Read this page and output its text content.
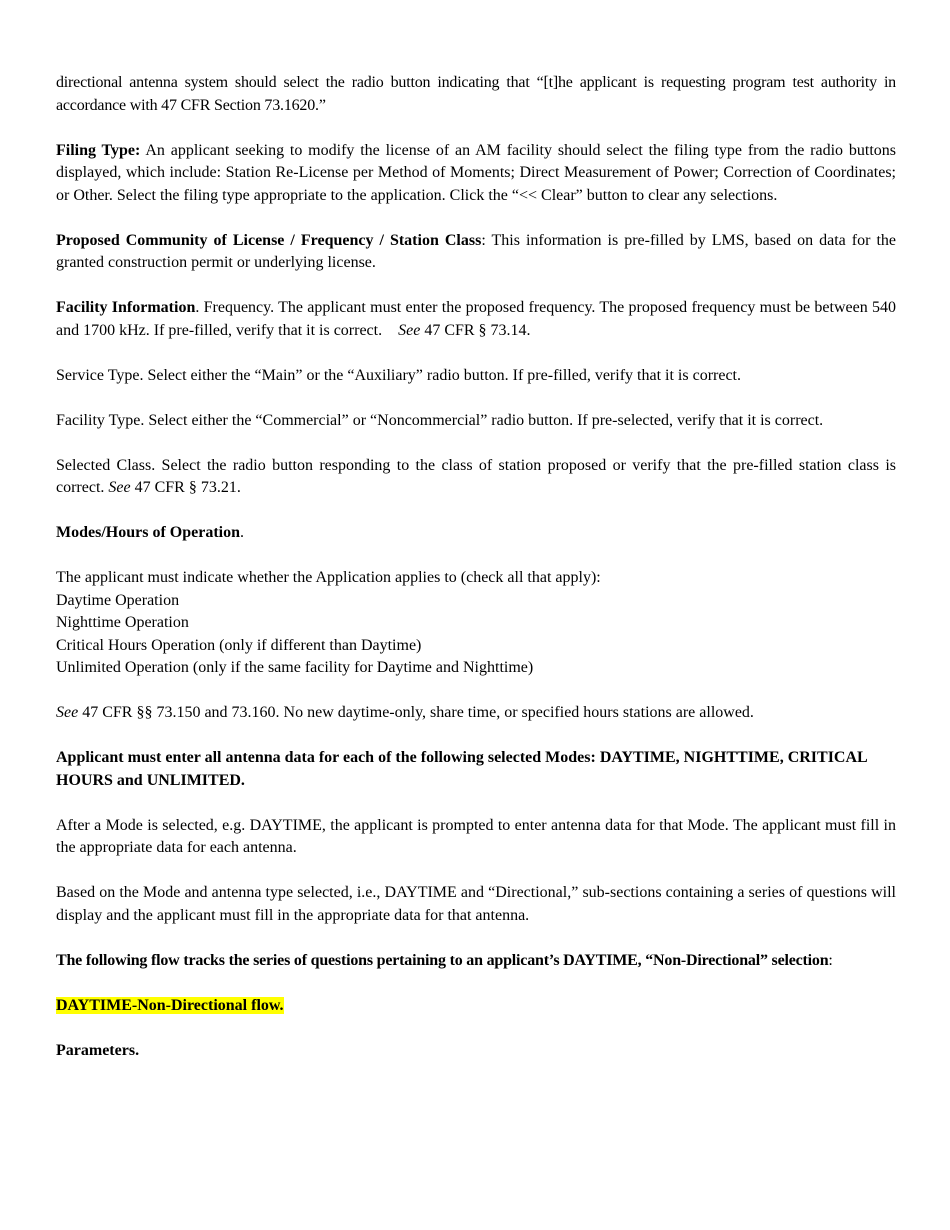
directional antenna system should select the radio button indicating that “[t]he applicant is requesting program test authority in accordance with 47 CFR Section 73.1620.”

Filing Type: An applicant seeking to modify the license of an AM facility should select the filing type from the radio buttons displayed, which include: Station Re-License per Method of Moments; Direct Measurement of Power; Correction of Coordinates; or Other. Select the filing type appropriate to the application. Click the “<< Clear” button to clear any selections.

Proposed Community of License / Frequency / Station Class: This information is pre-filled by LMS, based on data for the granted construction permit or underlying license.

Facility Information. Frequency. The applicant must enter the proposed frequency. The proposed frequency must be between 540 and 1700 kHz. If pre-filled, verify that it is correct. See 47 CFR § 73.14.

Service Type. Select either the “Main” or the “Auxiliary” radio button. If pre-filled, verify that it is correct.

Facility Type. Select either the “Commercial” or “Noncommercial” radio button. If pre-selected, verify that it is correct.

Selected Class. Select the radio button responding to the class of station proposed or verify that the pre-filled station class is correct. See 47 CFR § 73.21.

Modes/Hours of Operation.

The applicant must indicate whether the Application applies to (check all that apply):
Daytime Operation
Nighttime Operation
Critical Hours Operation (only if different than Daytime)
Unlimited Operation (only if the same facility for Daytime and Nighttime)

See 47 CFR §§ 73.150 and 73.160. No new daytime-only, share time, or specified hours stations are allowed.

Applicant must enter all antenna data for each of the following selected Modes: DAYTIME, NIGHTTIME, CRITICAL HOURS and UNLIMITED.

After a Mode is selected, e.g. DAYTIME, the applicant is prompted to enter antenna data for that Mode. The applicant must fill in the appropriate data for each antenna.

Based on the Mode and antenna type selected, i.e., DAYTIME and “Directional,” sub-sections containing a series of questions will display and the applicant must fill in the appropriate data for that antenna.

The following flow tracks the series of questions pertaining to an applicant’s DAYTIME, “Non-Directional” selection:

DAYTIME-Non-Directional flow.

Parameters.
